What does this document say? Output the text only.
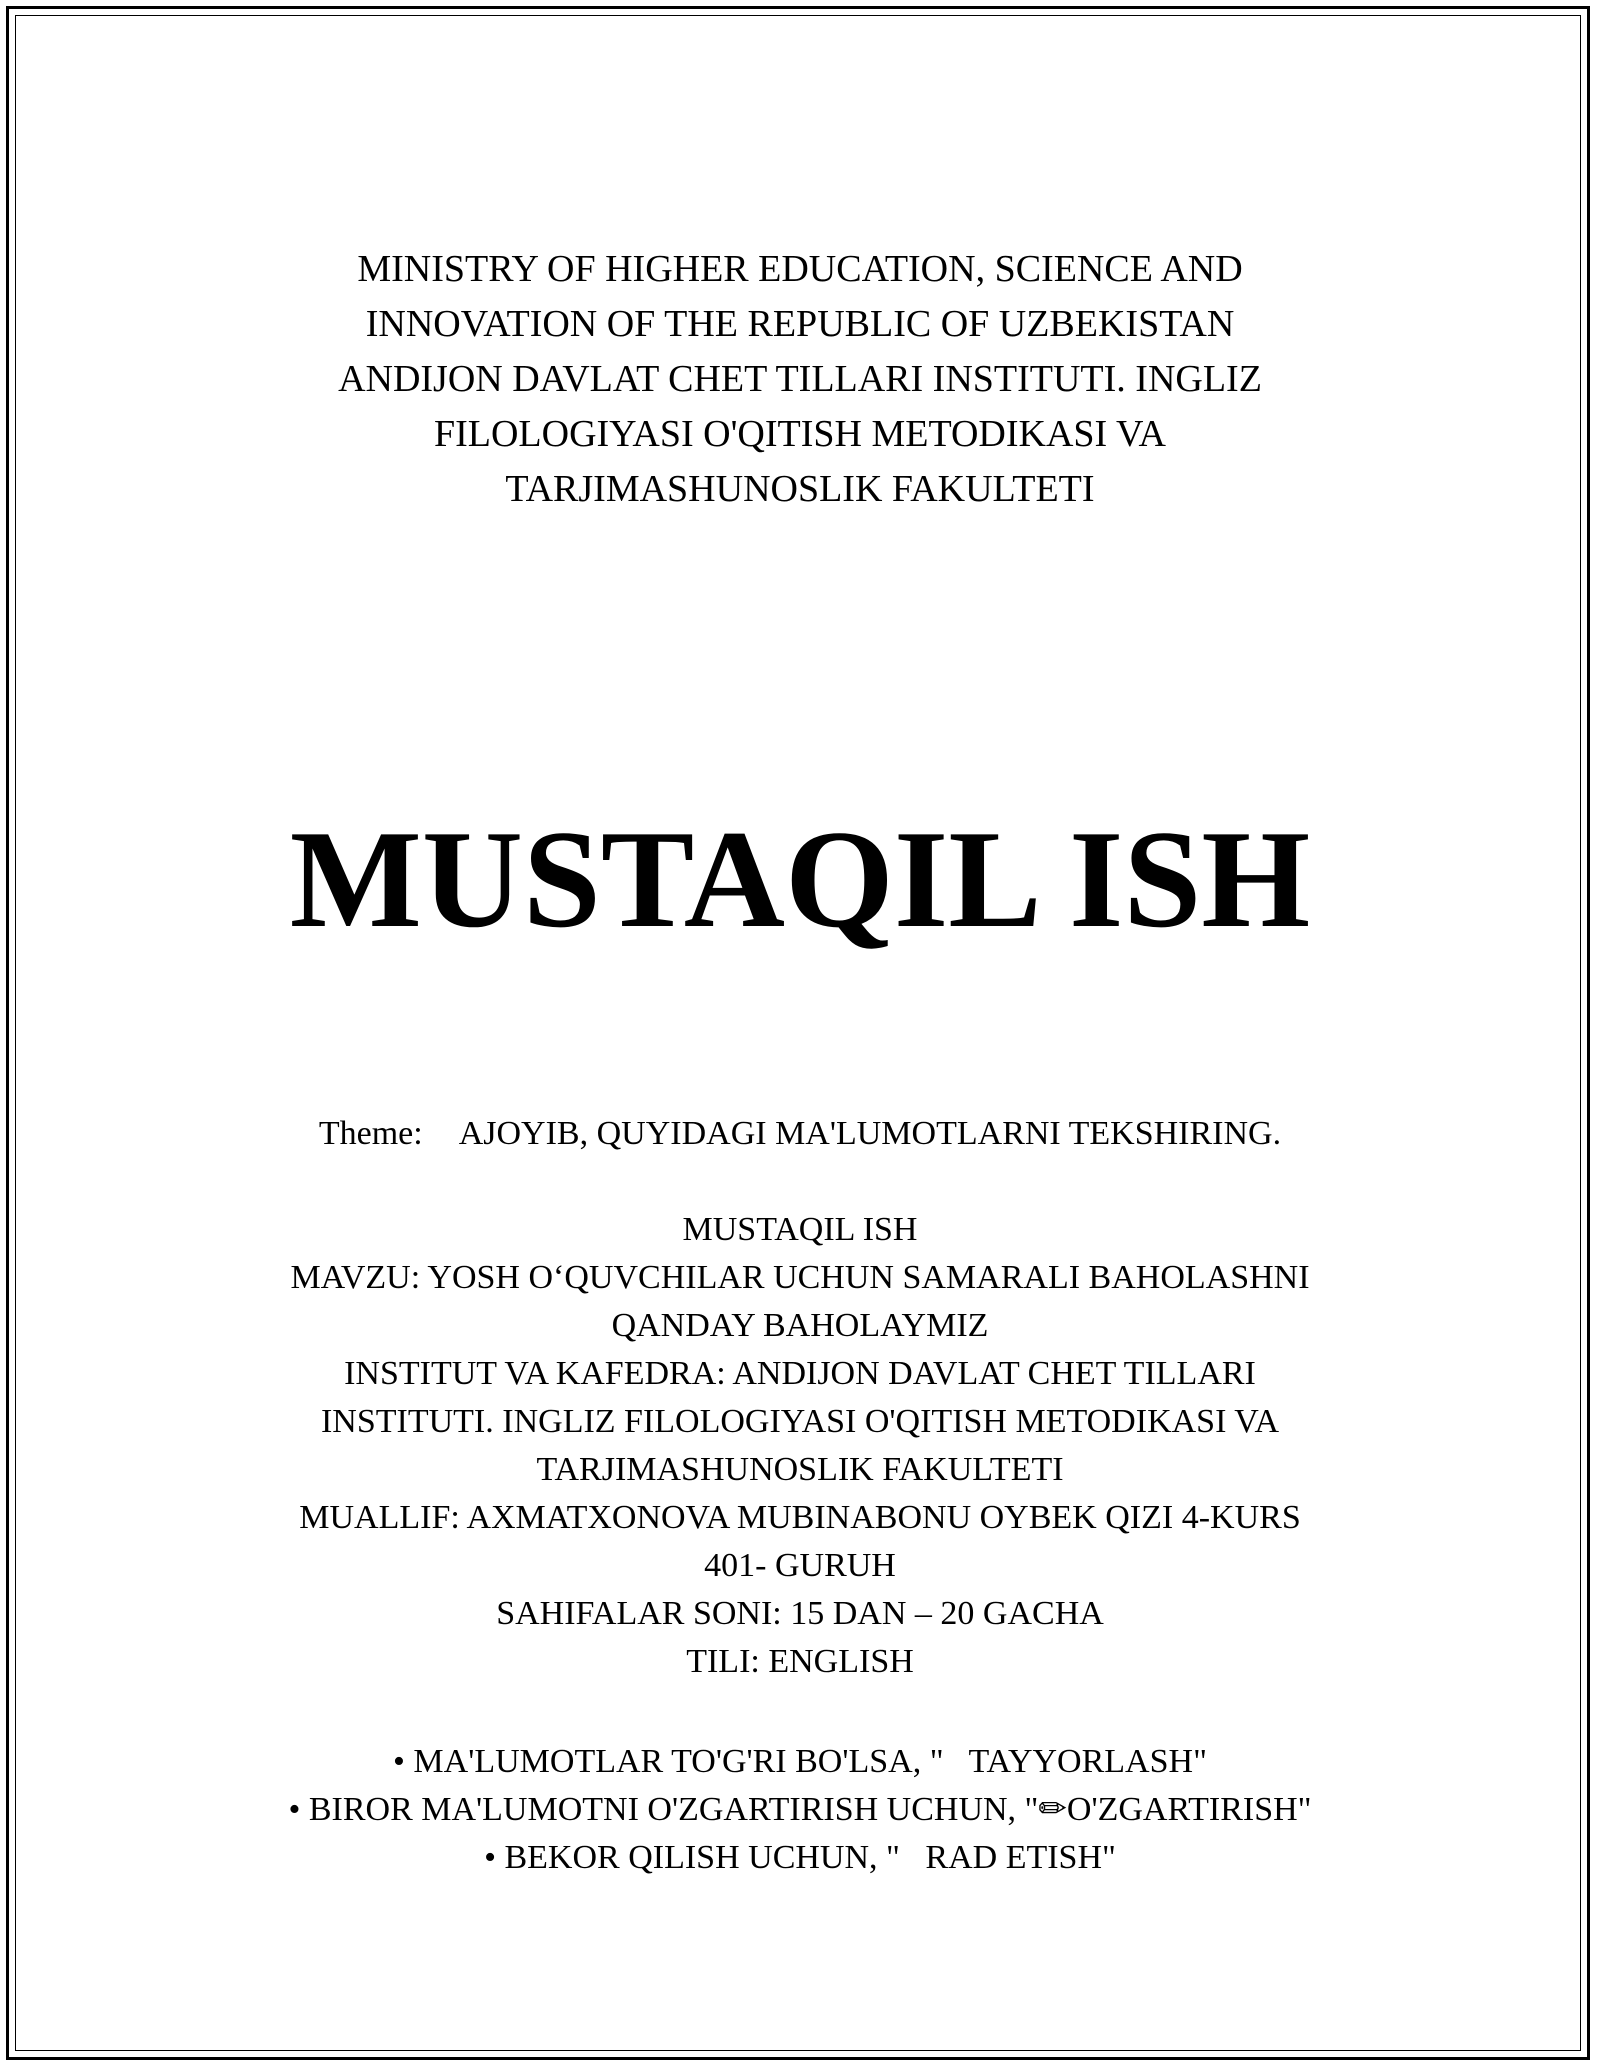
MINISTRY OF HIGHER EDUCATION, SCIENCE AND
INNOVATION OF THE REPUBLIC OF UZBEKISTAN
ANDIJON DAVLAT CHET TILLARI INSTITUTI. INGLIZ
FILOLOGIYASI O'QITISH METODIKASI VA
TARJIMASHUNOSLIK FAKULTETI
MUSTAQIL ISH
Theme: AJOYIB, QUYIDAGI MA'LUMOTLARNI TEKSHIRING.
MUSTAQIL ISH
MAVZU: YOSH O‘QUVCHILAR UCHUN SAMARALI BAHOLASHNI
QANDAY BAHOLAYMIZ
INSTITUT VA KAFEDRA: ANDIJON DAVLAT CHET TILLARI
INSTITUTI. INGLIZ FILOLOGIYASI O'QITISH METODIKASI VA
TARJIMASHUNOSLIK FAKULTETI
MUALLIF: AXMATXONOVA MUBINABONU OYBEK QIZI 4-KURS
401- GURUH
SAHIFALAR SONI: 15 DAN – 20 GACHA
TILI: ENGLISH
• MA'LUMOTLAR TO'G'RI BO'LSA, "   TAYYORLASH"
• BIROR MA'LUMOTNI O'ZGARTIRISH UCHUN, "✏O'ZGARTIRISH"
• BEKOR QILISH UCHUN, "   RAD ETISH"
